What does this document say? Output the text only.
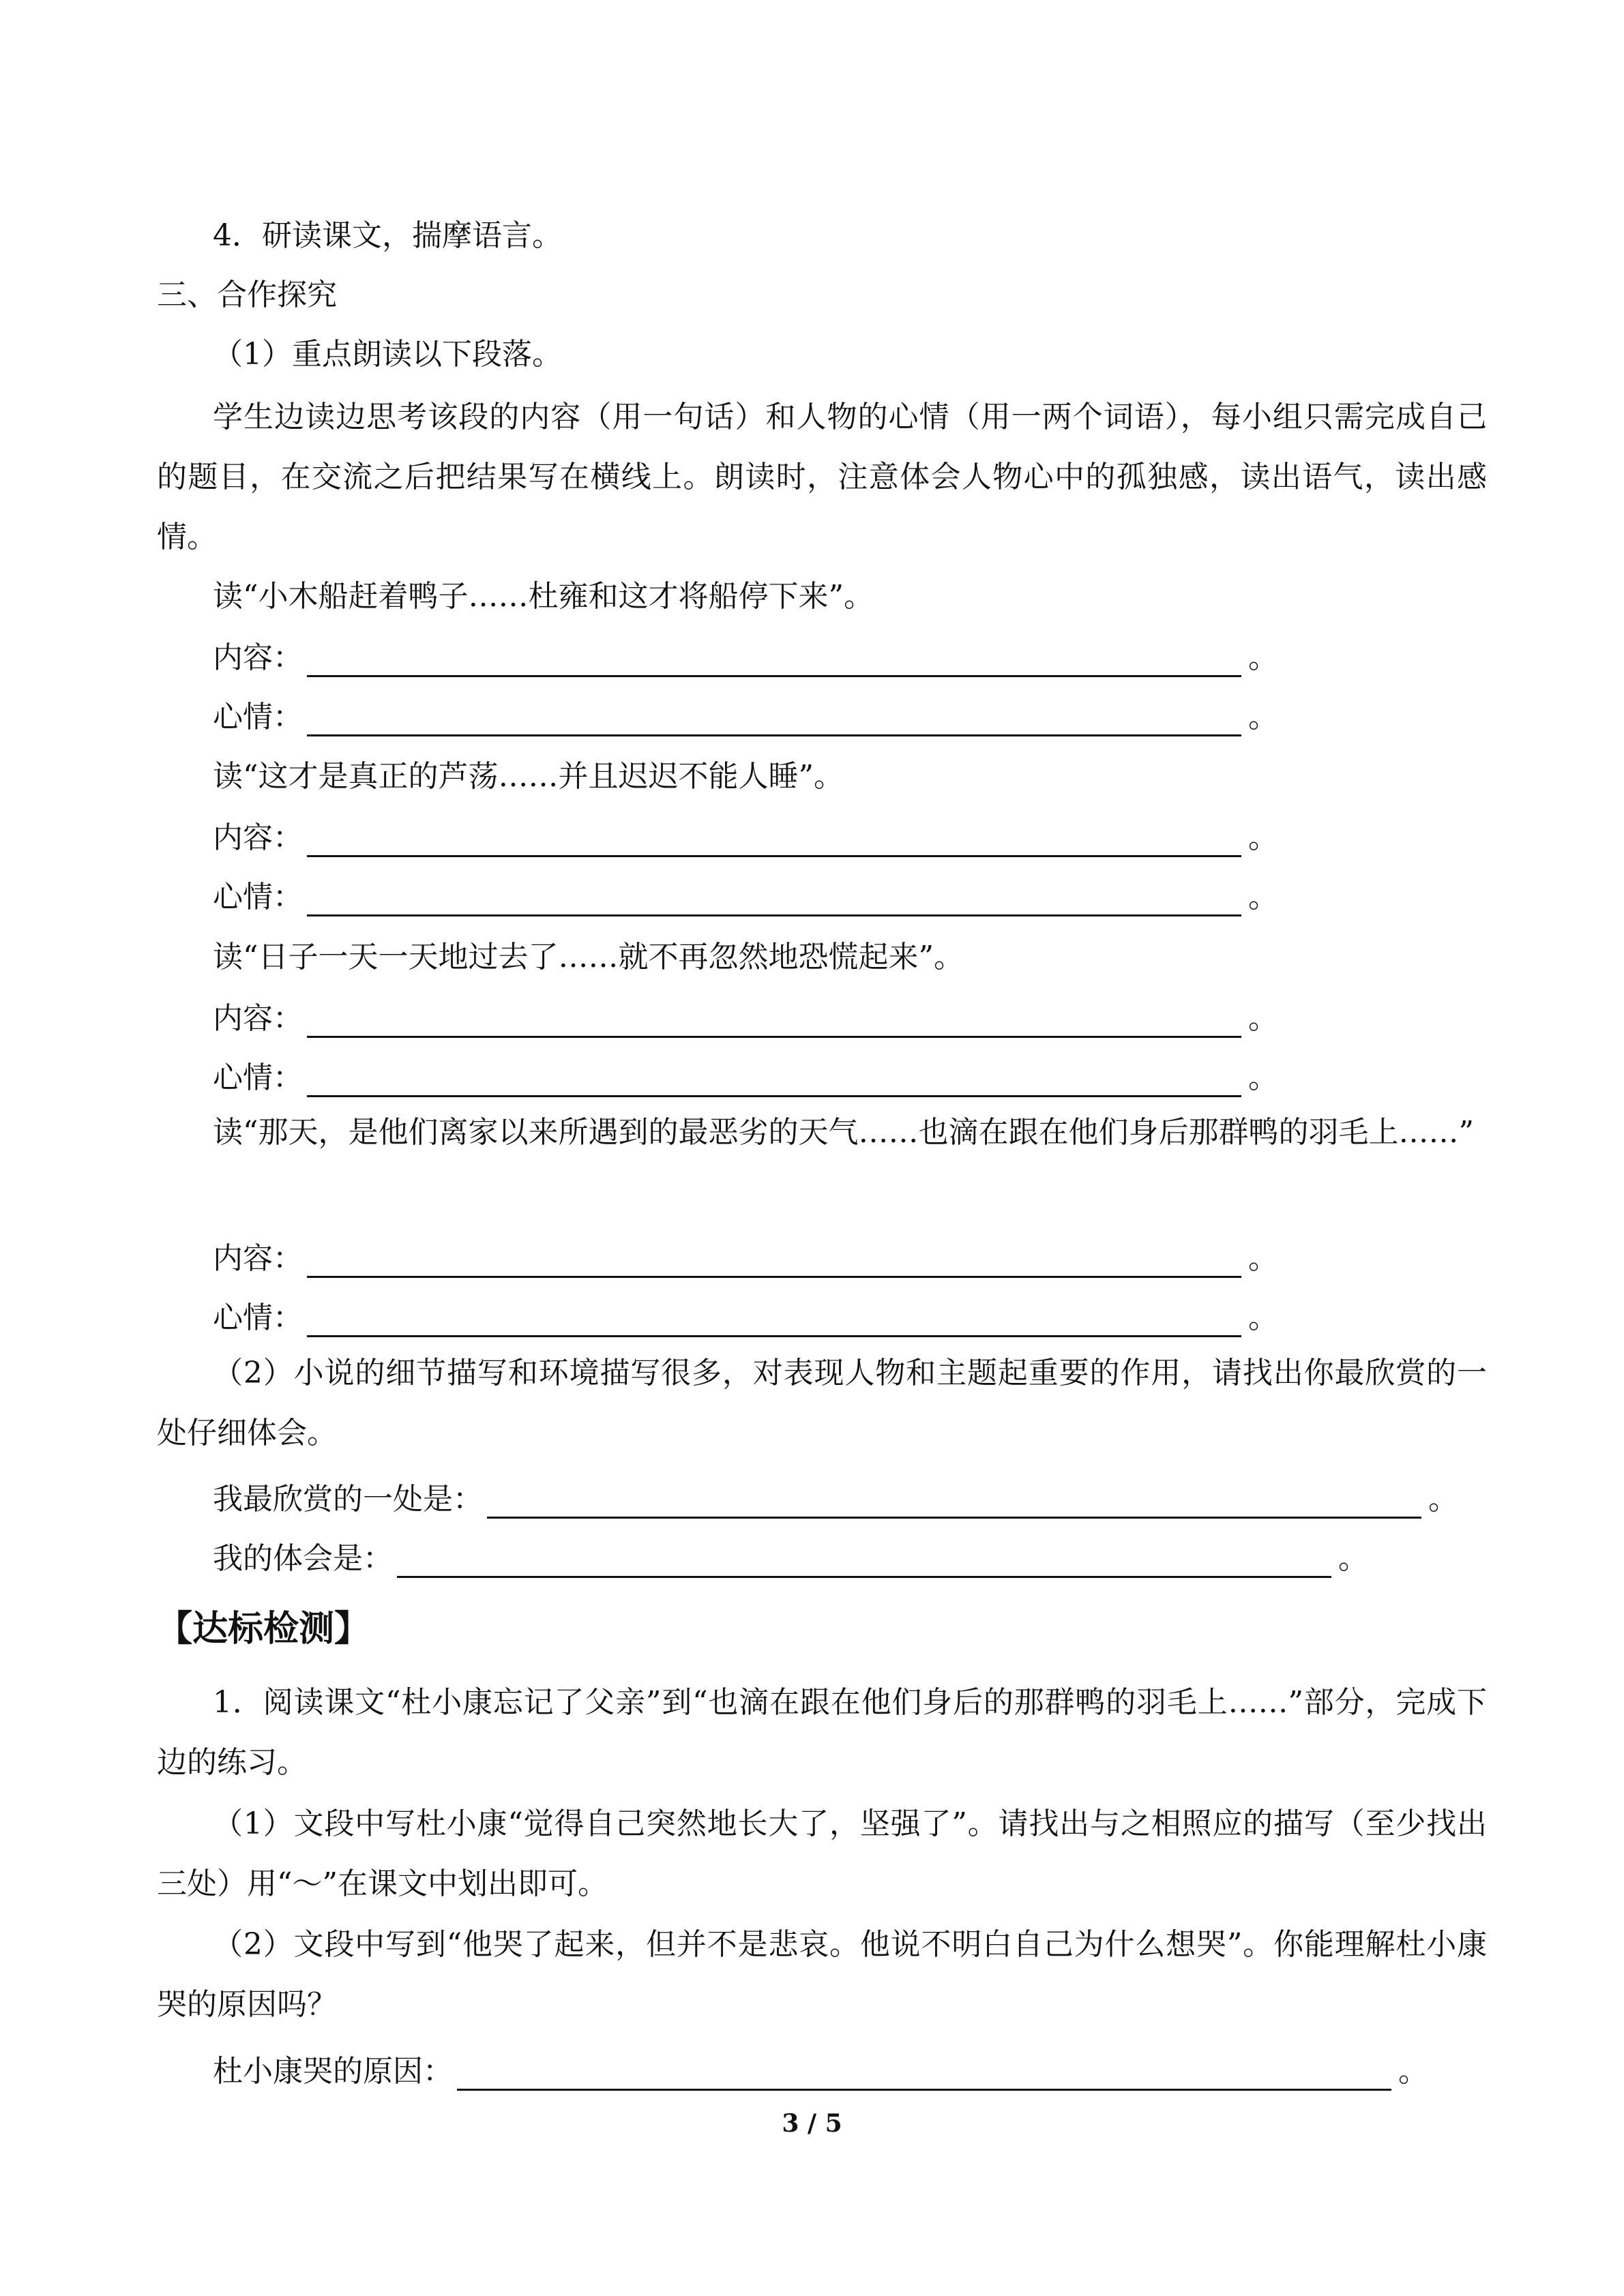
4．研读课文，揣摩语言。
三、合作探究
（1）重点朗读以下段落。
学生边读边思考该段的内容（用一句话）和人物的心情（用一两个词语），每小组只需完成自己的题目，在交流之后把结果写在横线上。朗读时，注意体会人物心中的孤独感，读出语气，读出感情。
读“小木船赶着鸭子……杜雍和这才将船停下来”。
内容：	。
心情：	。
读“这才是真正的芦荡……并且迟迟不能人睡”。
内容：	。
心情：	。
读“日子一天一天地过去了……就不再忽然地恐慌起来”。
内容：	。
心情：	。
读“那天，是他们离家以来所遇到的最恶劣的天气……也滴在跟在他们身后那群鸭的羽毛上……”
内容：	。
心情：	。
（2）小说的细节描写和环境描写很多，对表现人物和主题起重要的作用，请找出你最欣赏的一处仔细体会。
我最欣赏的一处是：	。
我的体会是：	。
【达标检测】
1．阅读课文“杜小康忘记了父亲”到“也滴在跟在他们身后的那群鸭的羽毛上……”部分，完成下边的练习。
（1）文段中写杜小康“觉得自己突然地长大了，坚强了”。请找出与之相照应的描写（至少找出三处）用“～”在课文中划出即可。
（2）文段中写到“他哭了起来，但并不是悲哀。他说不明白自己为什么想哭”。你能理解杜小康哭的原因吗？
杜小康哭的原因：	。
3 / 5
